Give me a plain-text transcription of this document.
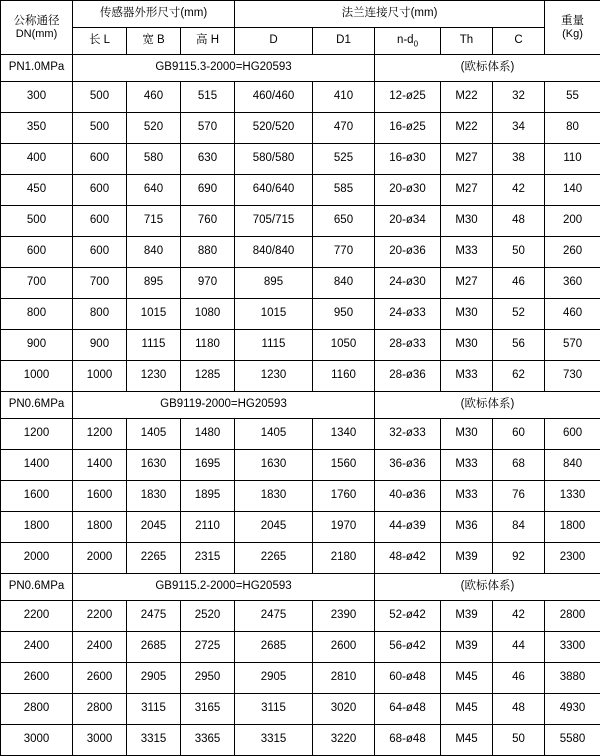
公称通径
DN(mm)	传感器外形尺寸(mm)			法兰连接尺寸(mm)					重量
(Kg)

	长 L	宽 B	高 H	D	D1	$n-d_0$	Th	C	
PN1.0MPa	GB9115.3-2000=HG20593					(欧标体系)			
300	500	460	515	460/460	410	12-ø25	M22	32	55
350	500	520	570	520/520	470	16-ø25	M22	34	80
400	600	580	630	580/580	525	16-ø30	M27	38	110
450	600	640	690	640/640	585	20-ø30	M27	42	140
500	600	715	760	705/715	650	20-ø34	M30	48	200
600	600	840	880	840/840	770	20-ø36	M33	50	260
700	700	895	970	895	840	24-ø30	M27	46	360
800	800	1015	1080	1015	950	24-ø33	M30	52	460
900	900	1115	1180	1115	1050	28-ø33	M30	56	570
1000	1000	1230	1285	1230	1160	28-ø36	M33	62	730
PN0.6MPa	GB9119-2000=HG20593					(欧标体系)			
1200	1200	1405	1480	1405	1340	32-ø33	M30	60	600
1400	1400	1630	1695	1630	1560	36-ø36	M33	68	840
1600	1600	1830	1895	1830	1760	40-ø36	M33	76	1330
1800	1800	2045	2110	2045	1970	44-ø39	M36	84	1800
2000	2000	2265	2315	2265	2180	48-ø42	M39	92	2300
PN0.6MPa	GB9115.2-2000=HG20593					(欧标体系)			
2200	2200	2475	2520	2475	2390	52-ø42	M39	42	2800
2400	2400	2685	2725	2685	2600	56-ø42	M39	44	3300
2600	2600	2905	2950	2905	2810	60-ø48	M45	46	3880
2800	2800	3115	3165	3115	3020	64-ø48	M45	48	4930
3000	3000	3315	3365	3315	3220	68-ø48	M45	50	5580
